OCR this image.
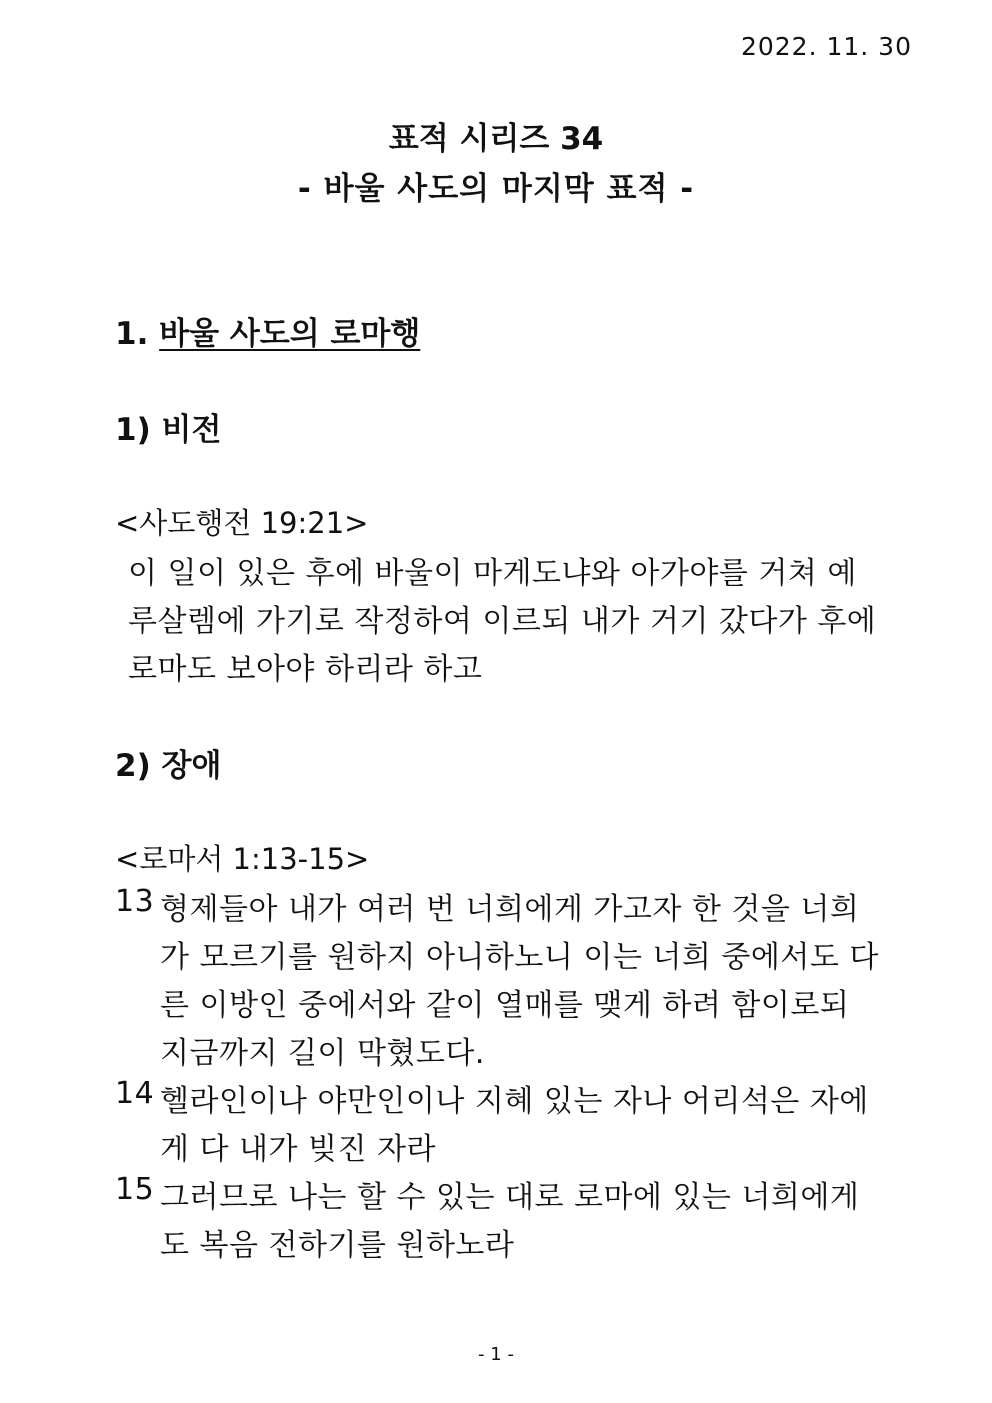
2022. 11. 30
표적 시리즈 34
- 바울 사도의 마지막 표적 -
1. 바울 사도의 로마행
1) 비전
<사도행전 19:21>
이 일이 있은 후에 바울이 마게도냐와 아가야를 거쳐 예
루살렘에 가기로 작정하여 이르되 내가 거기 갔다가 후에
로마도 보아야 하리라 하고
2) 장애
<로마서 1:13-15>
13 형제들아 내가 여러 번 너희에게 가고자 한 것을 너희
가 모르기를 원하지 아니하노니 이는 너희 중에서도 다
른 이방인 중에서와 같이 열매를 맺게 하려 함이로되
지금까지 길이 막혔도다.
14 헬라인이나 야만인이나 지혜 있는 자나 어리석은 자에
게 다 내가 빚진 자라
15 그러므로 나는 할 수 있는 대로 로마에 있는 너희에게
도 복음 전하기를 원하노라
- 1 -
